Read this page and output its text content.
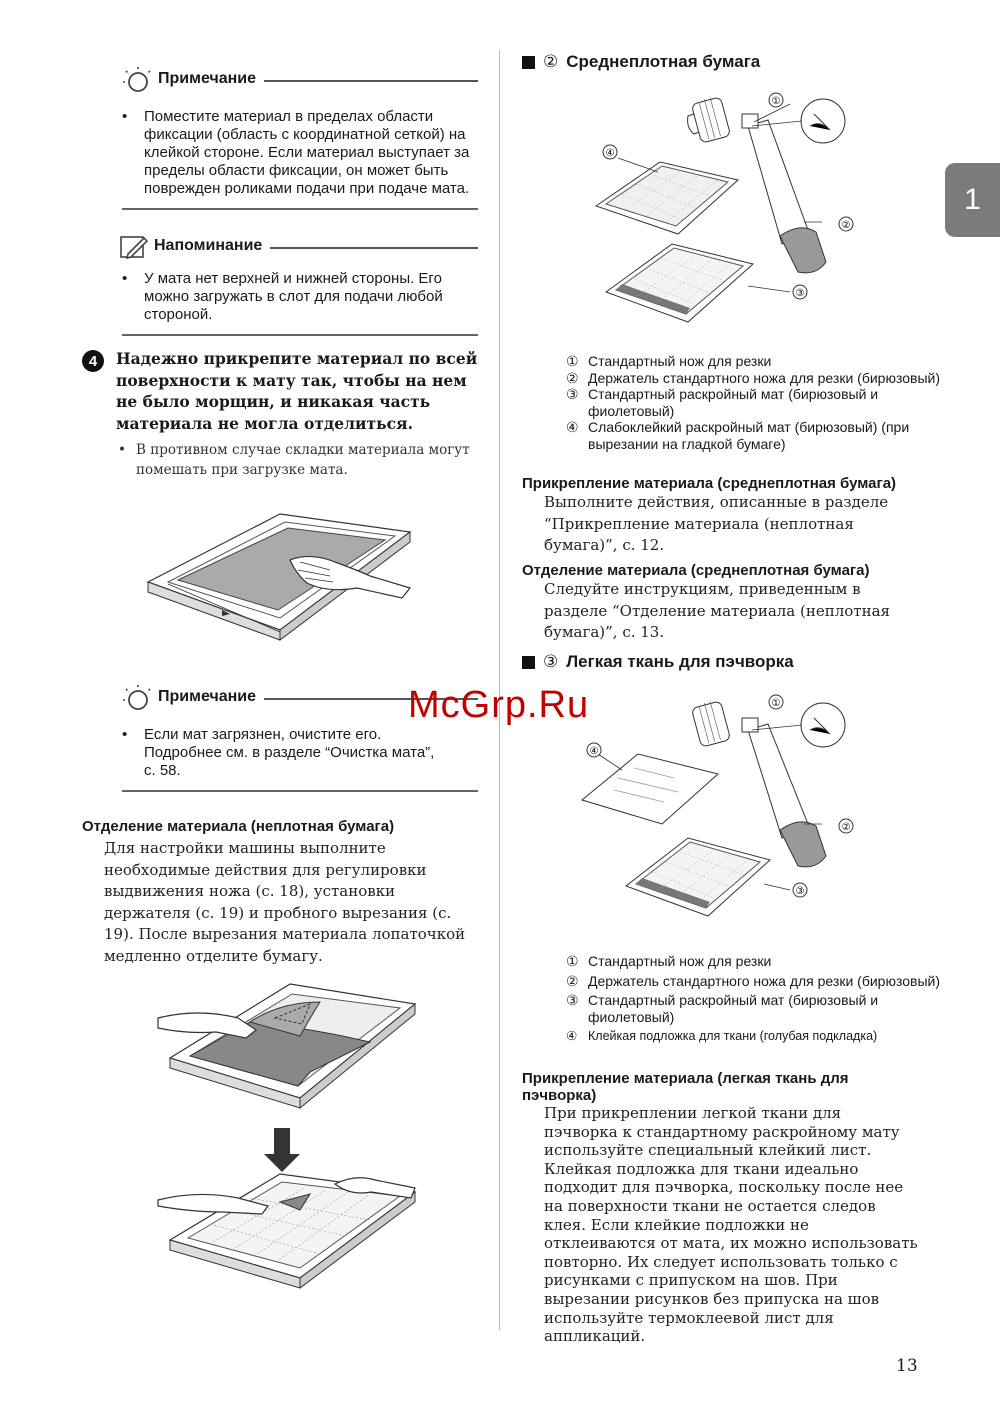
Примечание
• Поместите материал в пределах области фиксации (область с координатной сеткой) на клейкой стороне. Если материал выступает за пределы области фиксации, он может быть поврежден роликами подачи при подаче мата.
Напоминание
• У мата нет верхней и нижней стороны. Его можно загружать в слот для подачи любой стороной.
4	Надежно прикрепите материал по всей поверхности к мату так, чтобы на нем не было морщин, и никакая часть материала не могла отделиться.
• В противном случае складки материала могут помешать при загрузке мата.
Примечание
• Если мат загрязнен, очистите его. Подробнее см. в разделе “Очистка мата”, с. 58.
Отделение материала (неплотная бумага)
Для настройки машины выполните необходимые действия для регулировки выдвижения ножа (с. 18), установки держателя (с. 19) и пробного вырезания (с. 19). После вырезания материала лопаточкой медленно отделите бумагу.
② Среднеплотная бумага
①
②
③
④
① Стандартный нож для резки
② Держатель стандартного ножа для резки (бирюзовый)
③ Стандартный раскройный мат (бирюзовый и фиолетовый)
④ Слабоклейкий раскройный мат (бирюзовый) (при вырезании на гладкой бумаге)
Прикрепление материала (среднеплотная бумага)
Выполните действия, описанные в разделе “Прикрепление материала (неплотная бумага)”, с. 12.
Отделение материала (среднеплотная бумага)
Следуйте инструкциям, приведенным в разделе “Отделение материала (неплотная бумага)”, с. 13.
③ Легкая ткань для пэчворка
①
②
③
④
① Стандартный нож для резки
② Держатель стандартного ножа для резки (бирюзовый)
③ Стандартный раскройный мат (бирюзовый и фиолетовый)
④ Клейкая подложка для ткани (голубая подкладка)
Прикрепление материала (легкая ткань для пэчворка)
При прикреплении легкой ткани для пэчворка к стандартному раскройному мату используйте специальный клейкий лист. Клейкая подложка для ткани идеально подходит для пэчворка, поскольку после нее на поверхности ткани не остается следов клея. Если клейкие подложки не отклеиваются от мата, их можно использовать повторно. Их следует использовать только с рисунками с припуском на шов. При вырезании рисунков без припуска на шов используйте термоклеевой лист для аппликаций.
1
McGrp.Ru
13
